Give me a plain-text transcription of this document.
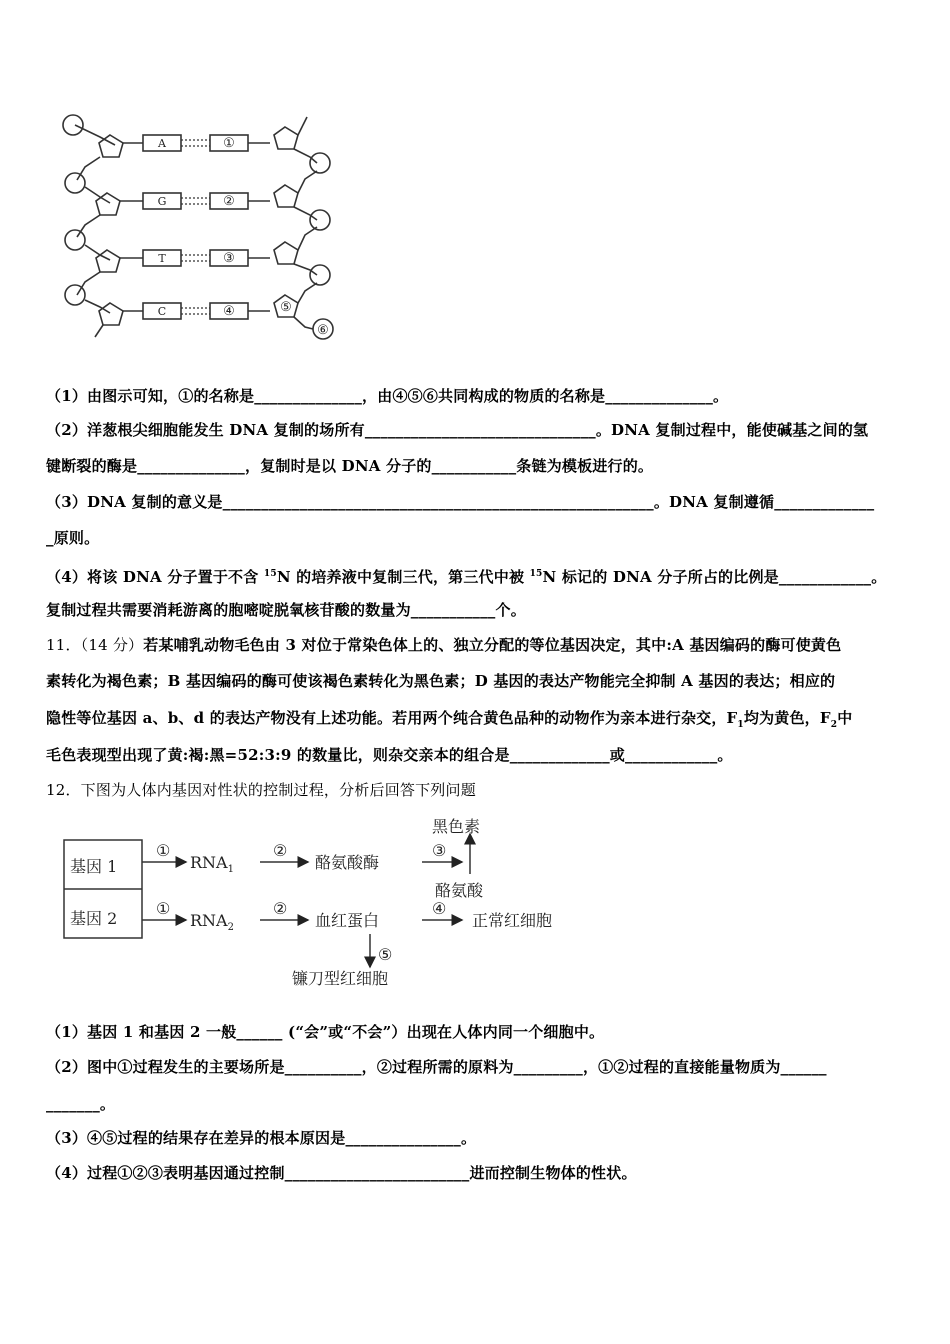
A
G
T
C
①
②
③
④	⑤
⑥
（1）由图示可知，①的名称是______________，由④⑤⑥共同构成的物质的名称是______________。
（2）洋葱根尖细胞能发生 DNA 复制的场所有______________________________。DNA 复制过程中，能使碱基之间的氢
键断裂的酶是______________，复制时是以 DNA 分子的___________条链为模板进行的。
（3）DNA 复制的意义是________________________________________________________。DNA 复制遵循_____________
_原则。
（4）将该 DNA 分子置于不含 $^{15}$N 的培养液中复制三代，第三代中被 $^{15}$N 标记的 DNA 分子所占的比例是____________。
复制过程共需要消耗游离的胞嘧啶脱氧核苷酸的数量为___________个。
11．（14 分）若某哺乳动物毛色由 3 对位于常染色体上的、独立分配的等位基因决定，其中:A 基因编码的酶可使黄色
素转化为褐色素；B 基因编码的酶可使该褐色素转化为黑色素；D 基因的表达产物能完全抑制 A 基因的表达；相应的
隐性等位基因 a、b、d 的表达产物没有上述功能。若用两个纯合黄色品种的动物作为亲本进行杂交，$F_1$均为黄色，$F_2$中
毛色表现型出现了黄:褐:黑=52:3:9 的数量比，则杂交亲本的组合是_____________或____________。
12．下图为人体内基因对性状的控制过程，分析后回答下列问题
基因 1
基因 2
①
①
②
②
③
④
⑤
$RNA_1$
$RNA_2$
酪氨酸酶
黑色素
酪氨酸
血红蛋白	正常红细胞
镰刀型红细胞
（1）基因 1 和基因 2 一般______ (“会”或“不会”）出现在人体内同一个细胞中。
（2）图中①过程发生的主要场所是__________，②过程所需的原料为_________，①②过程的直接能量物质为______
_______。
（3）④⑤过程的结果存在差异的根本原因是_______________。
（4）过程①②③表明基因通过控制________________________进而控制生物体的性状。
